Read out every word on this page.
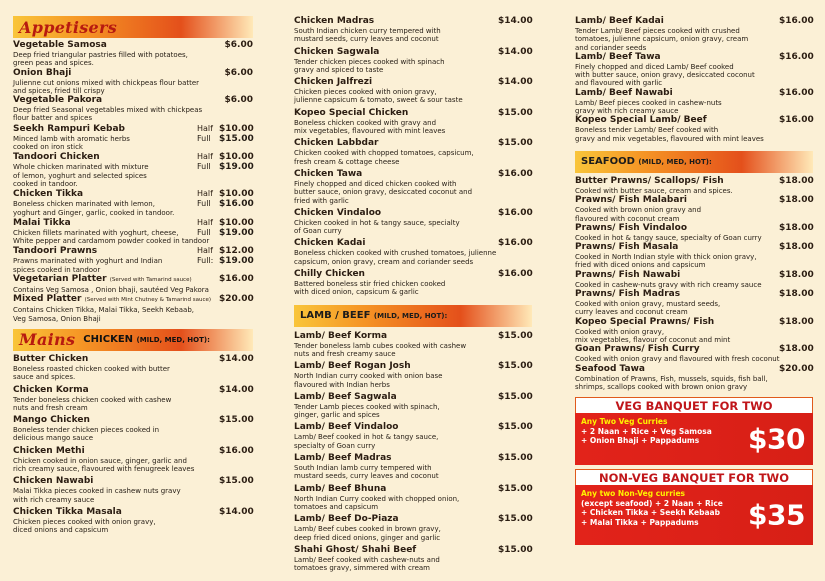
Appetisers
Vegetable Samosa	$6.00
Deep fried triangular pastries filled with potatoes,
green peas and spices.
Onion Bhaji	$6.00
Julienne cut onions mixed with chickpeas flour batter
and spices, fried till crispy
Vegetable Pakora	$6.00
Deep fried Seasonal vegetables mixed with chickpeas
flour batter and spices
Seekh Rampuri Kebab	Half $10.00
Minced lamb with aromatic herbs	Full $15.00
cooked on iron stick
Tandoori Chicken	Half $10.00
Whole chicken marinated with mixture	Full $19.00
of lemon, yoghurt and selected spices
cooked in tandoor.
Chicken Tikka	Half $10.00
Boneless chicken marinated with lemon,	Full $16.00
yoghurt and Ginger, garlic, cooked in tandoor.
Malai Tikka	Half $10.00
Chicken fillets marinated with yoghurt, cheese,	Full $19.00
White pepper and cardamom powder cooked in tandoor
Tandoori Prawns	Half $12.00
Prawns marinated with yoghurt and Indian	Full: $19.00
spices cooked in tandoor
Vegetarian Platter (Served with Tamarind sauce)	$16.00
Contains Veg Samosa , Onion bhaji, sautéed Veg Pakora
Mixed Platter (Served with Mint Chutney & Tamarind sauce) $20.00
Contains Chicken Tikka, Malai Tikka, Seekh Kebaab,
Veg Samosa, Onion Bhaji
Mains CHICKEN (MILD, MED, HOT):
Butter Chicken	$14.00
Boneless roasted chicken cooked with butter
sauce and spices.
Chicken Korma	$14.00
Tender boneless chicken cooked with cashew
nuts and fresh cream
Mango Chicken	$15.00
Boneless tender chicken pieces cooked in
delicious mango sauce
Chicken Methi	$16.00
Chicken cooked in onion sauce, ginger, garlic and
rich creamy sauce, flavoured with fenugreek leaves
Chicken Nawabi	$15.00
Malai Tikka pieces cooked in cashew nuts gravy
with rich creamy sauce
Chicken Tikka Masala	$14.00
Chicken pieces cooked with onion gravy,
diced onions and capsicum
Chicken Madras	$14.00
South Indian chicken curry tempered with
mustard seeds, curry leaves and coconut
Chicken Sagwala	$14.00
Tender chicken pieces cooked with spinach
gravy and spiced to taste
Chicken Jalfrezi	$14.00
Chicken pieces cooked with onion gravy,
julienne capsicum & tomato, sweet & sour taste
Kopeo Special Chicken	$15.00
Boneless chicken cooked with gravy and
mix vegetables, flavoured with mint leaves
Chicken Labbdar	$15.00
Chicken cooked with chopped tomatoes, capsicum,
fresh cream & cottage cheese
Chicken Tawa	$16.00
Finely chopped and diced chicken cooked with
butter sauce, onion gravy, desiccated coconut and
fried with garlic
Chicken Vindaloo	$16.00
Chicken cooked in hot & tangy sauce, specialty
of Goan curry
Chicken Kadai	$16.00
Boneless chicken cooked with crushed tomatoes, julienne
capsicum, onion gravy, cream and coriander seeds
Chilly Chicken	$16.00
Battered boneless stir fried chicken cooked
with diced onion, capsicum & garlic
LAMB / BEEF
(MILD, MED, HOT):
Lamb/ Beef Korma	$15.00
Tender boneless lamb cubes cooked with cashew
nuts and fresh creamy sauce
Lamb/ Beef Rogan Josh	$15.00
North Indian curry cooked with onion base
flavoured with Indian herbs
Lamb/ Beef Sagwala	$15.00
Tender Lamb pieces cooked with spinach,
ginger, garlic and spices
Lamb/ Beef Vindaloo	$15.00
Lamb/ Beef cooked in hot & tangy sauce,
specialty of Goan curry
Lamb/ Beef Madras	$15.00
South Indian lamb curry tempered with
mustard seeds, curry leaves and coconut
Lamb/ Beef Bhuna	$15.00
North Indian Curry cooked with chopped onion,
tomatoes and capsicum
Lamb/ Beef Do-Piaza	$15.00
Lamb/ Beef cubes cooked in brown gravy,
deep fried diced onions, ginger and garlic
Shahi Ghost/ Shahi Beef	$15.00
Lamb/ Beef cooked with cashew-nuts and
tomatoes gravy, simmered with cream
Lamb/ Beef Kadai	$16.00
Tender Lamb/ Beef pieces cooked with crushed
tomatoes, julienne capsicum, onion gravy, cream
and coriander seeds
Lamb/ Beef Tawa	$16.00
Finely chopped and diced Lamb/ Beef cooked
with butter sauce, onion gravy, desiccated coconut
and flavoured with garlic
Lamb/ Beef Nawabi	$16.00
Lamb/ Beef pieces cooked in cashew-nuts
gravy with rich creamy sauce
Kopeo Special Lamb/ Beef	$16.00
Boneless tender Lamb/ Beef cooked with
gravy and mix vegetables, flavoured with mint leaves
SEAFOOD
(MILD, MED, HOT):
Butter Prawns/ Scallops/ Fish	$18.00
Cooked with butter sauce, cream and spices.
Prawns/ Fish Malabari	$18.00
Cooked with brown onion gravy and
flavoured with coconut cream
Prawns/ Fish Vindaloo	$18.00
Cooked in hot & tangy sauce, specialty of Goan curry
Prawns/ Fish Masala	$18.00
Cooked in North Indian style with thick onion gravy,
fried with diced onions and capsicum
Prawns/ Fish Nawabi	$18.00
Cooked in cashew-nuts gravy with rich creamy sauce
Prawns/ Fish Madras	$18.00
Cooked with onion gravy, mustard seeds,
curry leaves and coconut cream
Kopeo Special Prawns/ Fish	$18.00
Cooked with onion gravy,
mix vegetables, flavour of coconut and mint
Goan Prawns/ Fish Curry	$18.00
Cooked with onion gravy and flavoured with fresh coconut
Seafood Tawa	$20.00
Combination of Prawns, Fish, mussels, squids, fish ball,
shrimps, scallops cooked with brown onion gravy
VEG BANQUET FOR TWO
Any Two Veg Curries
+ 2 Naan + Rice + Veg Samosa
+ Onion Bhaji + Pappadums	$30
NON-VEG BANQUET FOR TWO
Any two Non-Veg curries
(except seafood) + 2 Naan + Rice
+ Chicken Tikka + Seekh Kebaab
+ Malai Tikka + Pappadums	$35
